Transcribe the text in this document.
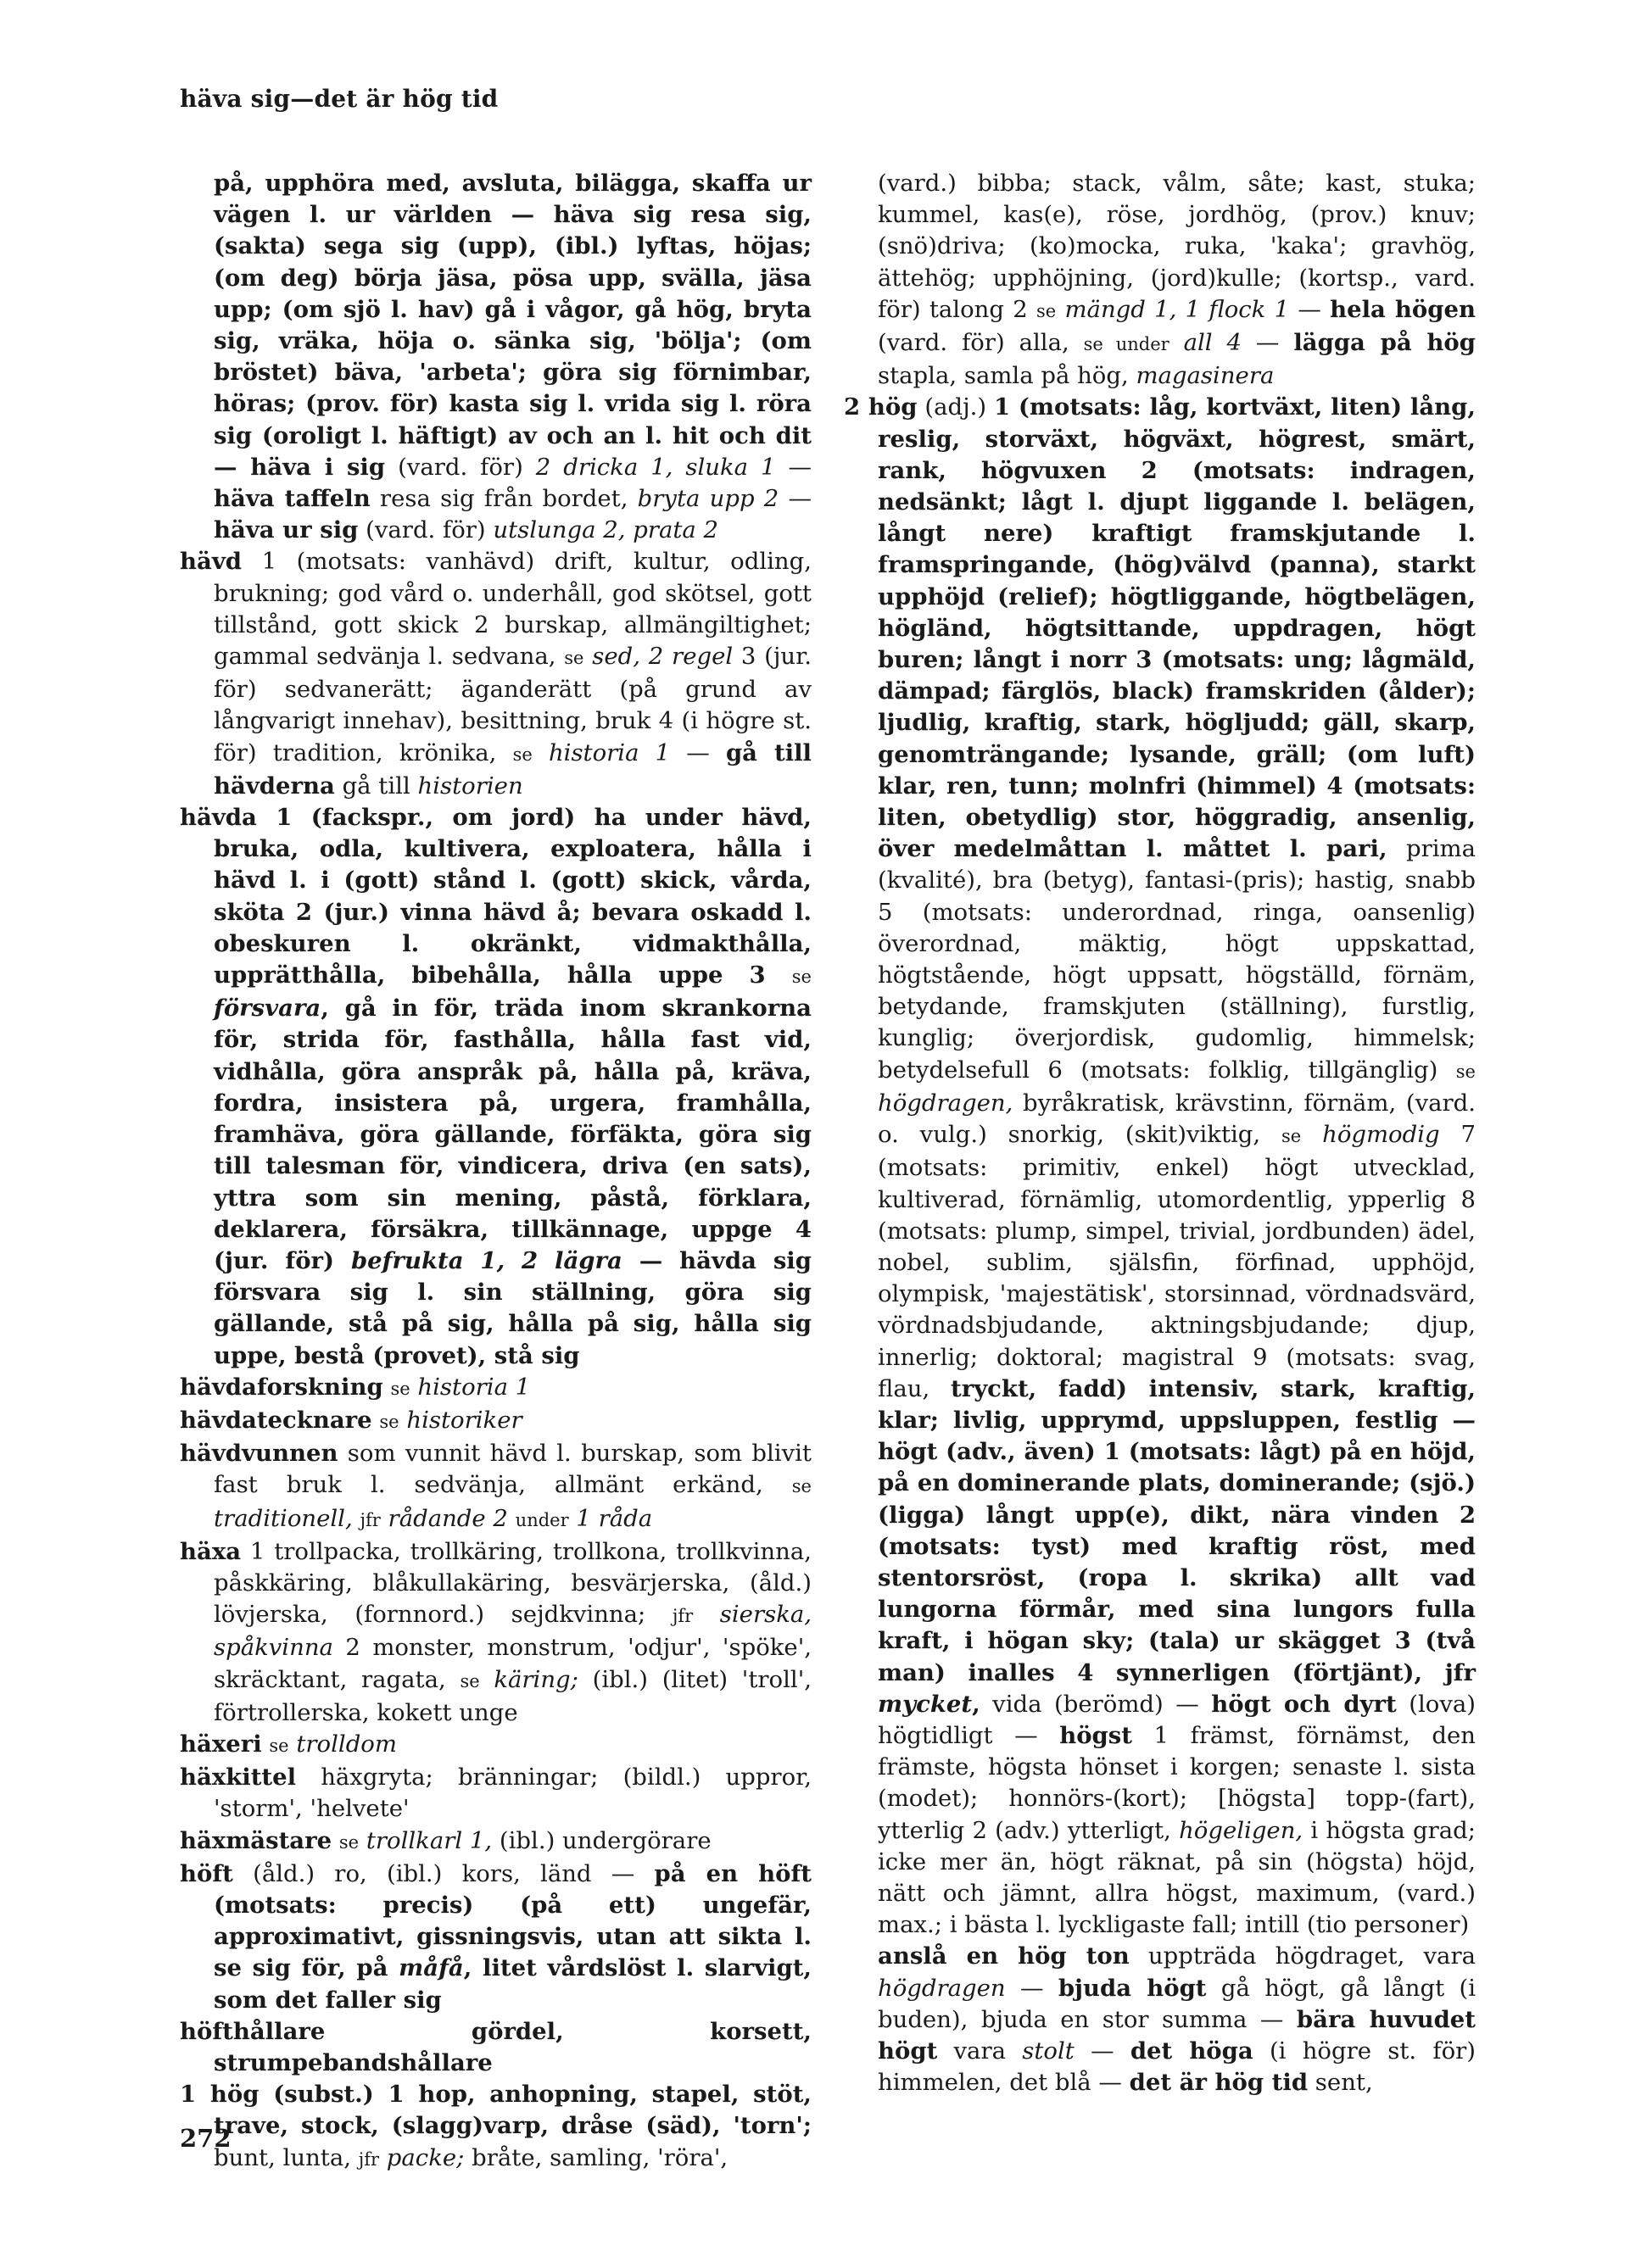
häva sig—det är hög tid

på, upphöra med, avsluta, bilägga, skaffa ur vägen l. ur världen — häva sig resa sig, (sakta) sega sig (upp), (ibl.) lyftas, höjas; (om deg) börja jäsa, pösa upp, svälla, jäsa upp; (om sjö l. hav) gå i vågor, gå hög, bryta sig, vräka, höja o. sänka sig, 'bölja'; (om bröstet) bäva, 'arbeta'; göra sig förnimbar, höras; (prov. för) kasta sig l. vrida sig l. röra sig (oroligt l. häftigt) av och an l. hit och dit — häva i sig (vard. för) 2 dricka 1, sluka 1 — häva taffeln resa sig från bordet, bryta upp 2 — häva ur sig (vard. för) utslunga 2, prata 2

hävd 1 (motsats: vanhävd) drift, kultur, odling, brukning; god vård o. underhåll, god skötsel, gott tillstånd, gott skick 2 burskap, allmängiltighet; gammal sedvänja l. sedvana, se sed, 2 regel 3 (jur. för) sedvanerätt; äganderätt (på grund av långvarigt innehav), besittning, bruk 4 (i högre st. för) tradition, krönika, se historia 1 — gå till hävderna gå till historien

hävda 1 (fackspr., om jord) ha under hävd, bruka, odla, kultivera, exploatera, hålla i hävd l. i (gott) stånd l. (gott) skick, vårda, sköta 2 (jur.) vinna hävd å; bevara oskadd l. obeskuren l. okränkt, vidmakthålla, upprätthålla, bibehålla, hålla uppe 3 se försvara, gå in för, träda inom skrankorna för, strida för, fasthålla, hålla fast vid, vidhålla, göra anspråk på, hålla på, kräva, fordra, insistera på, urgera, framhålla, framhäva, göra gällande, förfäkta, göra sig till talesman för, vindicera, driva (en sats), yttra som sin mening, påstå, förklara, deklarera, försäkra, tillkännage, uppge 4 (jur. för) befrukta 1, 2 lägra — hävda sig försvara sig l. sin ställning, göra sig gällande, stå på sig, hålla på sig, hålla sig uppe, bestå (provet), stå sig

hävdaforskning se historia 1

hävdatecknare se historiker

hävdvunnen som vunnit hävd l. burskap, som blivit fast bruk l. sedvänja, allmänt erkänd, se traditionell, jfr rådande 2 under 1 råda

häxa 1 trollpacka, trollkäring, trollkona, trollkvinna, påskkäring, blåkullakäring, besvärjerska, (åld.) lövjerska, (fornnord.) sejdkvinna; jfr sierska, spåkvinna 2 monster, monstrum, 'odjur', 'spöke', skräcktant, ragata, se käring; (ibl.) (litet) 'troll', förtrollerska, kokett unge

häxeri se trolldom

häxkittel häxgryta; bränningar; (bildl.) uppror, 'storm', 'helvete'

häxmästare se trollkarl 1, (ibl.) undergörare

höft (åld.) ro, (ibl.) kors, länd — på en höft (motsats: precis) (på ett) ungefär, approximativt, gissningsvis, utan att sikta l. se sig för, på måfå, litet vårdslöst l. slarvigt, som det faller sig

höfthållare gördel, korsett, strumpebandshållare

1 hög (subst.) 1 hop, anhopning, stapel, stöt, trave, stock, (slagg)varp, dråse (säd), 'torn'; bunt, lunta, jfr packe; bråte, samling, 'röra',

(vard.) bibba; stack, vålm, såte; kast, stuka; kummel, kas(e), röse, jordhög, (prov.) knuv; (snö)driva; (ko)mocka, ruka, 'kaka'; gravhög, ättehög; upphöjning, (jord)kulle; (kortsp., vard. för) talong 2 se mängd 1, 1 flock 1 — hela högen (vard. för) alla, se under all 4 — lägga på hög stapla, samla på hög, magasinera

2 hög (adj.) 1 (motsats: låg, kortväxt, liten) lång, reslig, storväxt, högväxt, högrest, smärt, rank, högvuxen 2 (motsats: indragen, nedsänkt; lågt l. djupt liggande l. belägen, långt nere) kraftigt framskjutande l. framspringande, (hög)välvd (panna), starkt upphöjd (relief); högtliggande, högtbelägen, högländ, högtsittande, uppdragen, högt buren; långt i norr 3 (motsats: ung; lågmäld, dämpad; färglös, black) framskriden (ålder); ljudlig, kraftig, stark, högljudd; gäll, skarp, genomträngande; lysande, gräll; (om luft) klar, ren, tunn; molnfri (himmel) 4 (motsats: liten, obetydlig) stor, höggradig, ansenlig, över medelmåttan l. måttet l. pari, prima (kvalité), bra (betyg), fantasi-(pris); hastig, snabb 5 (motsats: underordnad, ringa, oansenlig) överordnad, mäktig, högt uppskattad, högtstående, högt uppsatt, högställd, förnäm, betydande, framskjuten (ställning), furstlig, kunglig; överjordisk, gudomlig, himmelsk; betydelsefull 6 (motsats: folklig, tillgänglig) se högdragen, byråkratisk, krävstinn, förnäm, (vard. o. vulg.) snorkig, (skit)viktig, se högmodig 7 (motsats: primitiv, enkel) högt utvecklad, kultiverad, förnämlig, utomordentlig, ypperlig 8 (motsats: plump, simpel, trivial, jordbunden) ädel, nobel, sublim, själsfin, förfinad, upphöjd, olympisk, 'majestätisk', storsinnad, vördnadsvärd, vördnadsbjudande, aktningsbjudande; djup, innerlig; doktoral; magistral 9 (motsats: svag, flau, tryckt, fadd) intensiv, stark, kraftig, klar; livlig, upprymd, uppsluppen, festlig — högt (adv., även) 1 (motsats: lågt) på en höjd, på en dominerande plats, dominerande; (sjö.) (ligga) långt upp(e), dikt, nära vinden 2 (motsats: tyst) med kraftig röst, med stentorsröst, (ropa l. skrika) allt vad lungorna förmår, med sina lungors fulla kraft, i högan sky; (tala) ur skägget 3 (två man) inalles 4 synnerligen (förtjänt), jfr mycket, vida (berömd) — högt och dyrt (lova) högtidligt — högst 1 främst, förnämst, den främste, högsta hönset i korgen; senaste l. sista (modet); honnörs-(kort); [högsta] topp-(fart), ytterlig 2 (adv.) ytterligt, högeligen, i högsta grad; icke mer än, högt räknat, på sin (högsta) höjd, nätt och jämnt, allra högst, maximum, (vard.) max.; i bästa l. lyckligaste fall; intill (tio personer)

anslå en hög ton uppträda högdraget, vara högdragen — bjuda högt gå högt, gå långt (i buden), bjuda en stor summa — bära huvudet högt vara stolt — det höga (i högre st. för) himmelen, det blå — det är hög tid sent,

272
